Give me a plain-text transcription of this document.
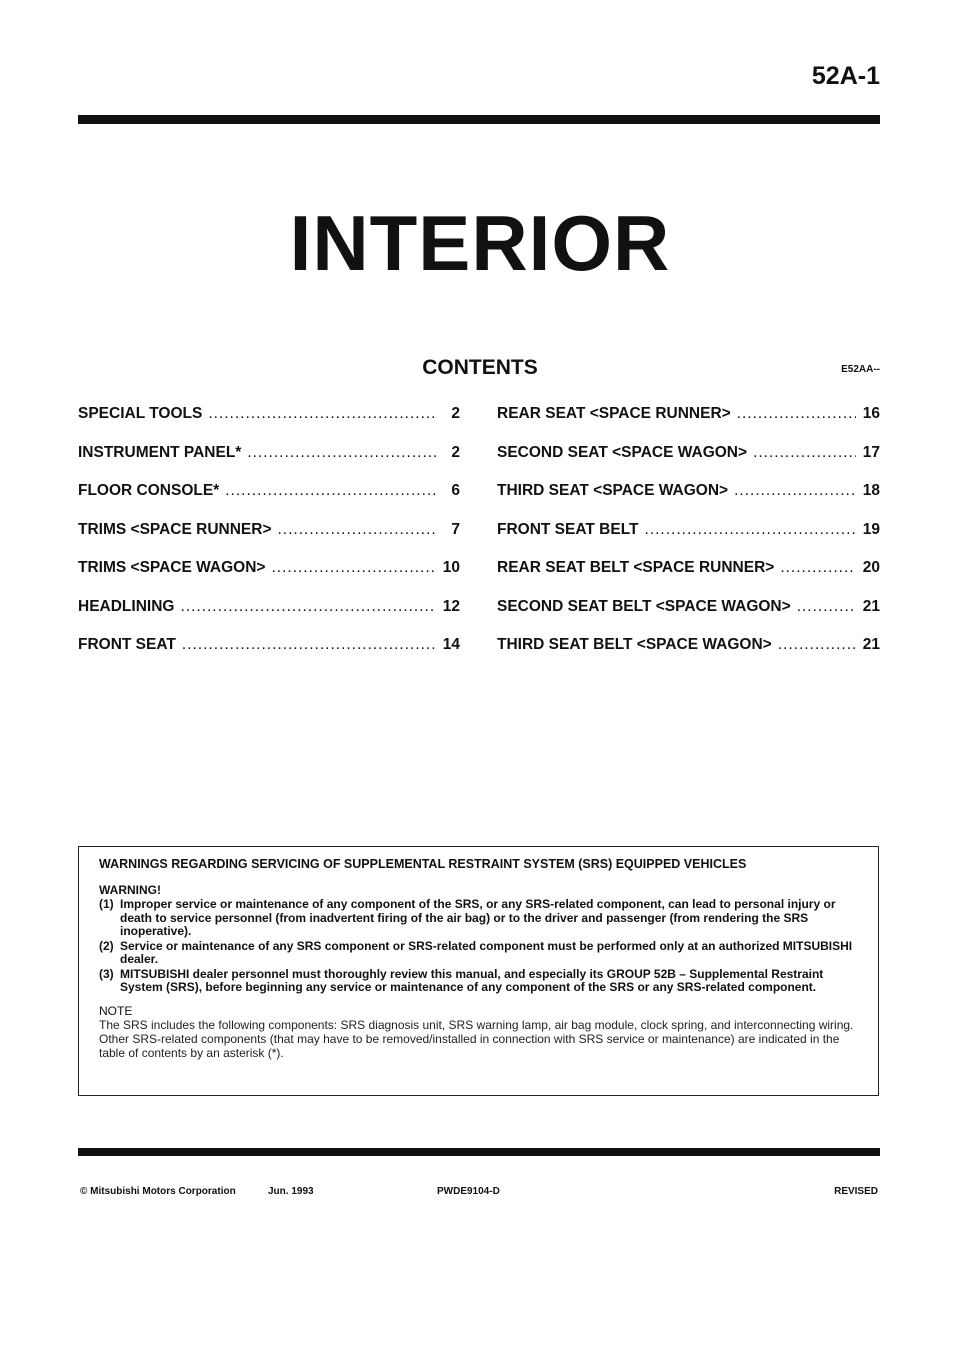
52A-1
INTERIOR
CONTENTS	E52AA--
SPECIAL TOOLS .....	2
INSTRUMENT PANEL* .....	2
FLOOR CONSOLE* .....	6
TRIMS <SPACE RUNNER> .....	7
TRIMS <SPACE WAGON> .....	10
HEADLINING .....	12
FRONT SEAT .....	14
REAR SEAT <SPACE RUNNER> .....	16
SECOND SEAT <SPACE WAGON> .....	17
THIRD SEAT <SPACE WAGON> .....	18
FRONT SEAT BELT .....	19
REAR SEAT BELT <SPACE RUNNER> .....	20
SECOND SEAT BELT <SPACE WAGON> .....	21
THIRD SEAT BELT <SPACE WAGON> .....	21
WARNINGS REGARDING SERVICING OF SUPPLEMENTAL RESTRAINT SYSTEM (SRS) EQUIPPED VEHICLES
WARNING!
(1) Improper service or maintenance of any component of the SRS, or any SRS-related component, can lead to personal injury or death to service personnel (from inadvertent firing of the air bag) or to the driver and passenger (from rendering the SRS inoperative).
(2) Service or maintenance of any SRS component or SRS-related component must be performed only at an authorized MITSUBISHI dealer.
(3) MITSUBISHI dealer personnel must thoroughly review this manual, and especially its GROUP 52B – Supplemental Restraint System (SRS), before beginning any service or maintenance of any component of the SRS or any SRS-related component.
NOTE
The SRS includes the following components: SRS diagnosis unit, SRS warning lamp, air bag module, clock spring, and interconnecting wiring. Other SRS-related components (that may have to be removed/installed in connection with SRS service or maintenance) are indicated in the table of contents by an asterisk (*).
© Mitsubishi Motors Corporation	Jun. 1993	PWDE9104-D	REVISED
